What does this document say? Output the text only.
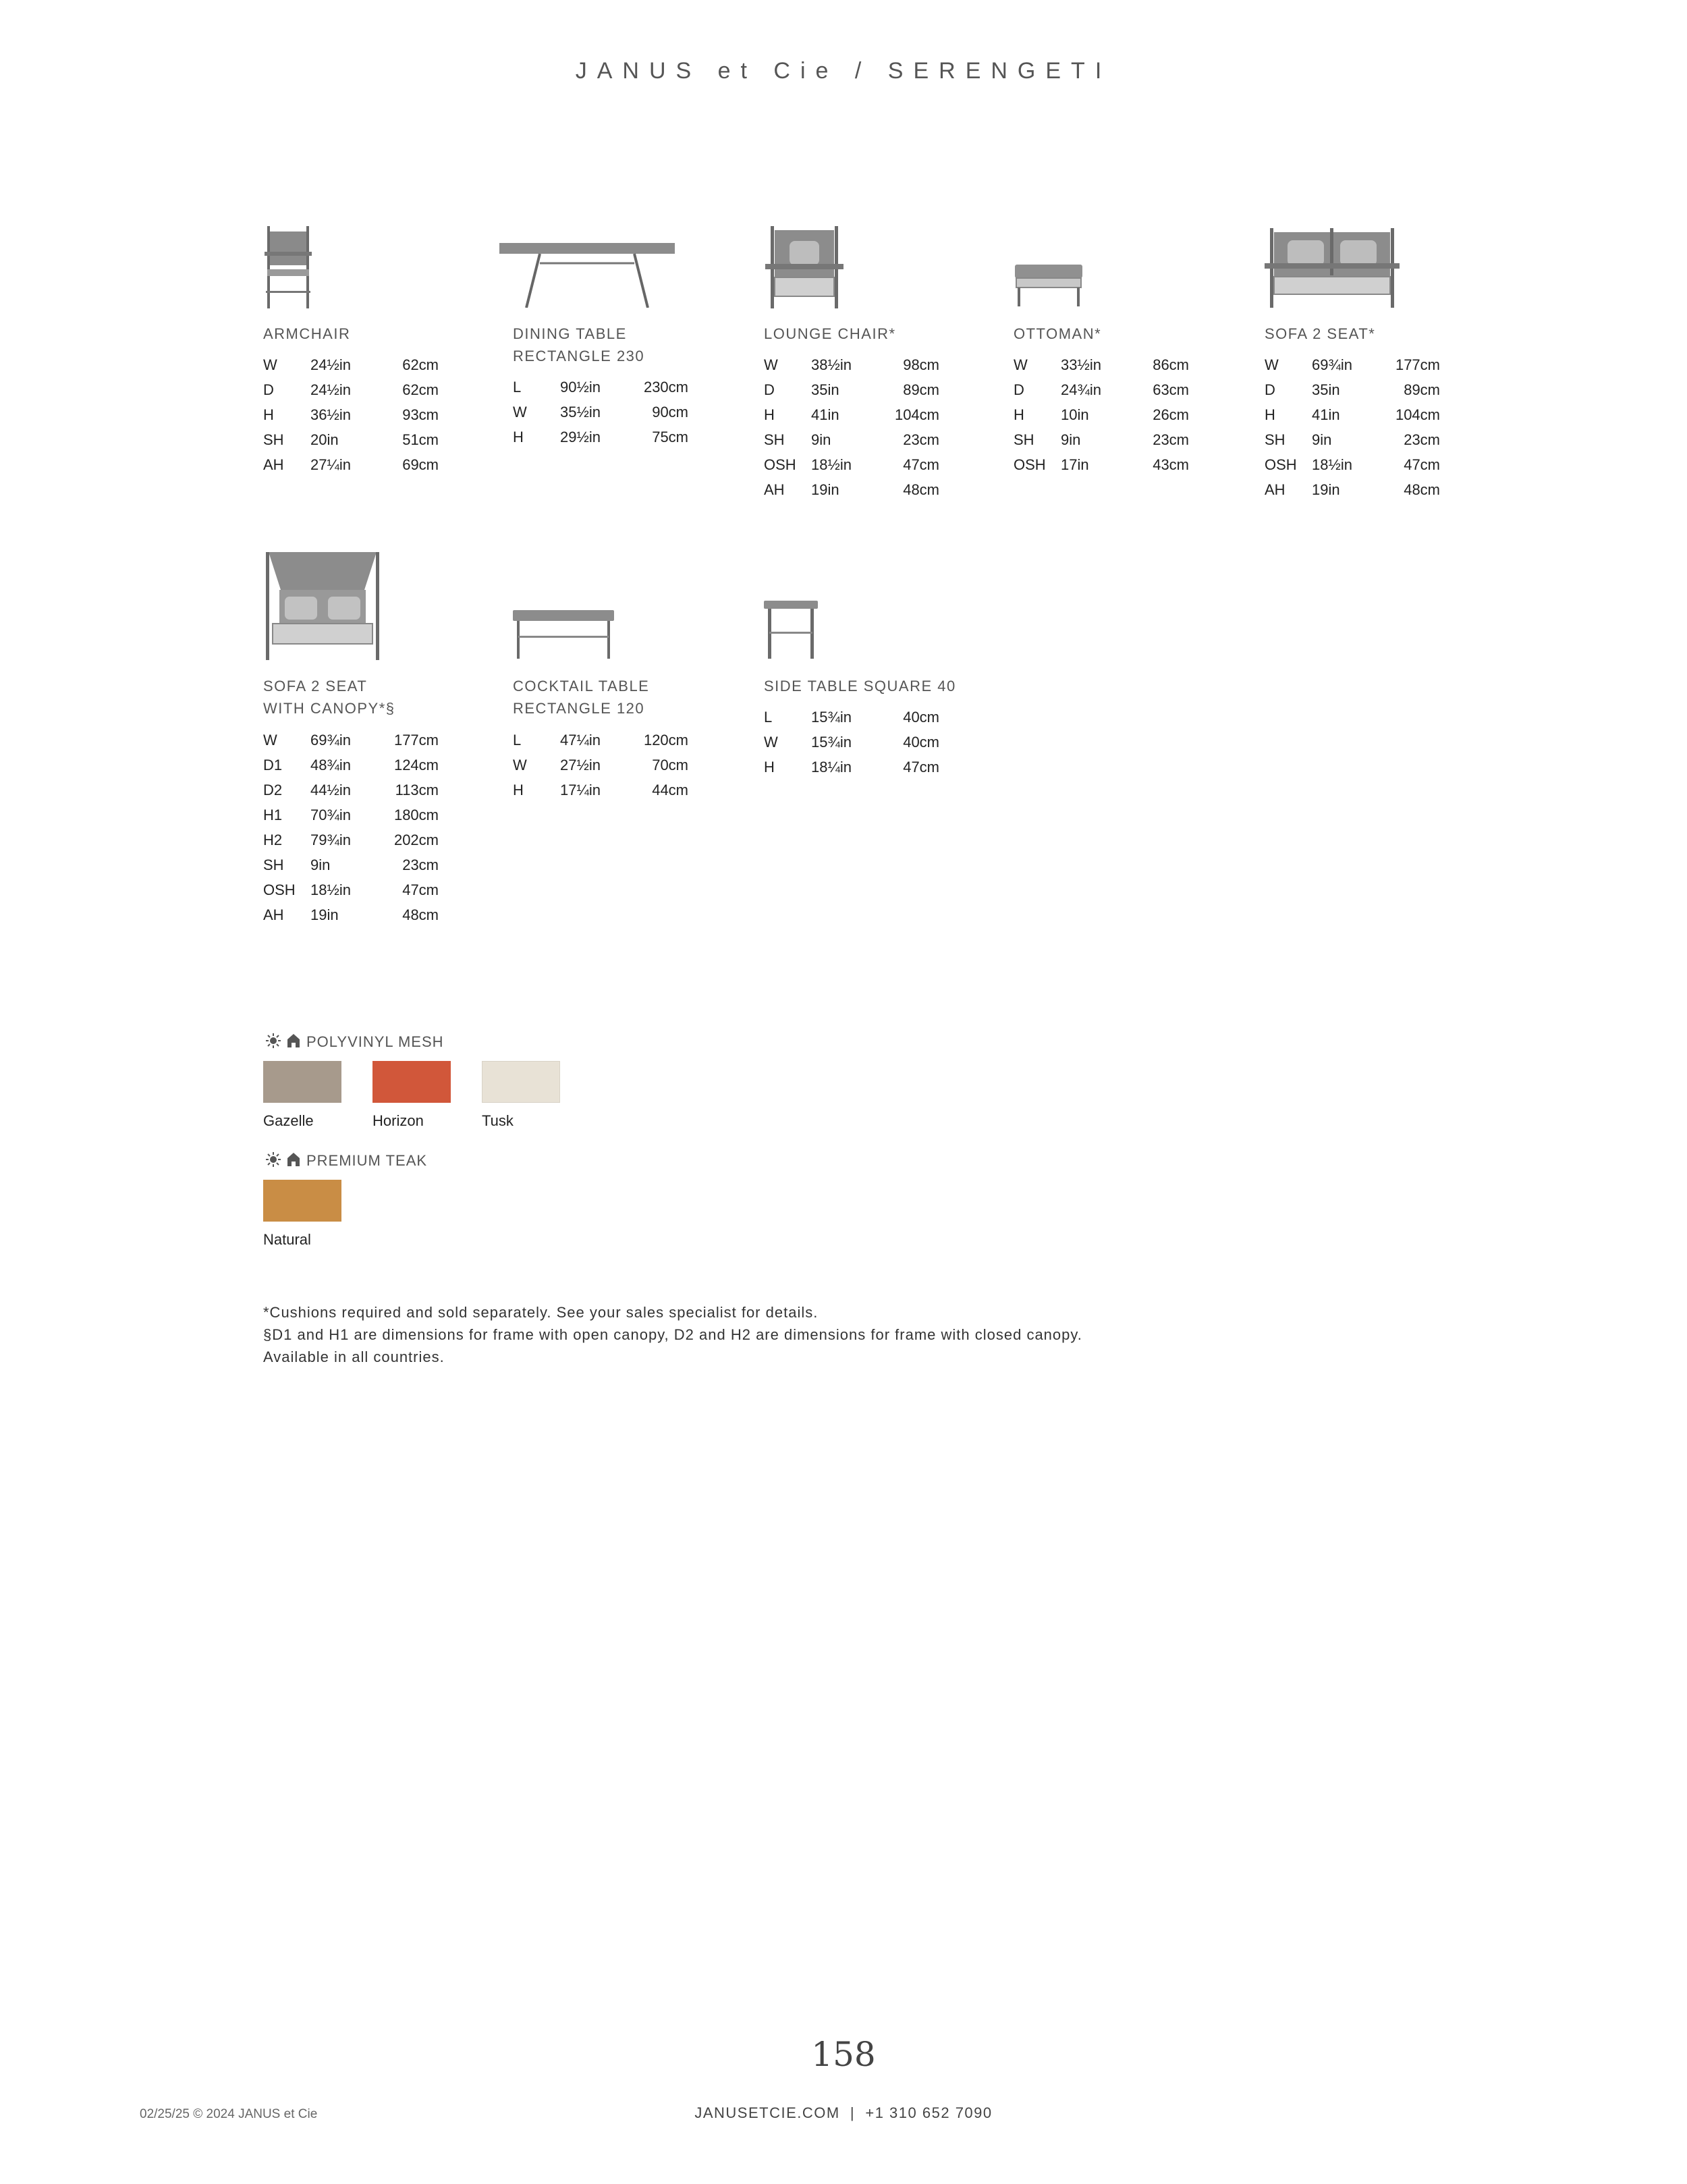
JANUS et Cie / SERENGETI
ARMCHAIR
W 24½in	62cm
D 24½in	62cm
H 36½in	93cm
SH 20in	51cm
AH 27¼in	69cm
DINING TABLE
RECTANGLE 230
L	90½in	230cm
W 35½in	90cm
H 29½in	75cm
LOUNGE CHAIR*
W 38½in	98cm
D 35in	89cm
H 41in	104cm
SH 9in	23cm
OSH 18½in	47cm
AH 19in	48cm
OTTOMAN*
W 33½in	86cm
D 24¾in	63cm
H 10in	26cm
SH 9in	23cm
OSH 17in	43cm
SOFA 2 SEAT*
W 69¾in	177cm
D 35in	89cm
H 41in	104cm
SH 9in	23cm
OSH 18½in	47cm
AH 19in	48cm
SOFA 2 SEAT
WITH CANOPY*§
W 69¾in	177cm
D1 48¾in	124cm
D2 44½in	113cm
H1 70¾in	180cm
H2 79¾in	202cm
SH 9in	23cm
OSH 18½in	47cm
AH 19in	48cm
COCKTAIL TABLE
RECTANGLE 120
L	47¼in	120cm
W 27½in	70cm
H 17¼in	44cm
SIDE TABLE SQUARE 40
L	15¾in	40cm
W 15¾in	40cm
H 18¼in	47cm
POLYVINYL MESH
Gazelle	Horizon	Tusk
PREMIUM TEAK
Natural
*Cushions required and sold separately. See your sales specialist for details.
§D1 and H1 are dimensions for frame with open canopy, D2 and H2 are dimensions for frame with closed canopy.
Available in all countries.
158
02/25/25 © 2024 JANUS et Cie	JANUSETCIE.COM  |  +1 310 652 7090
